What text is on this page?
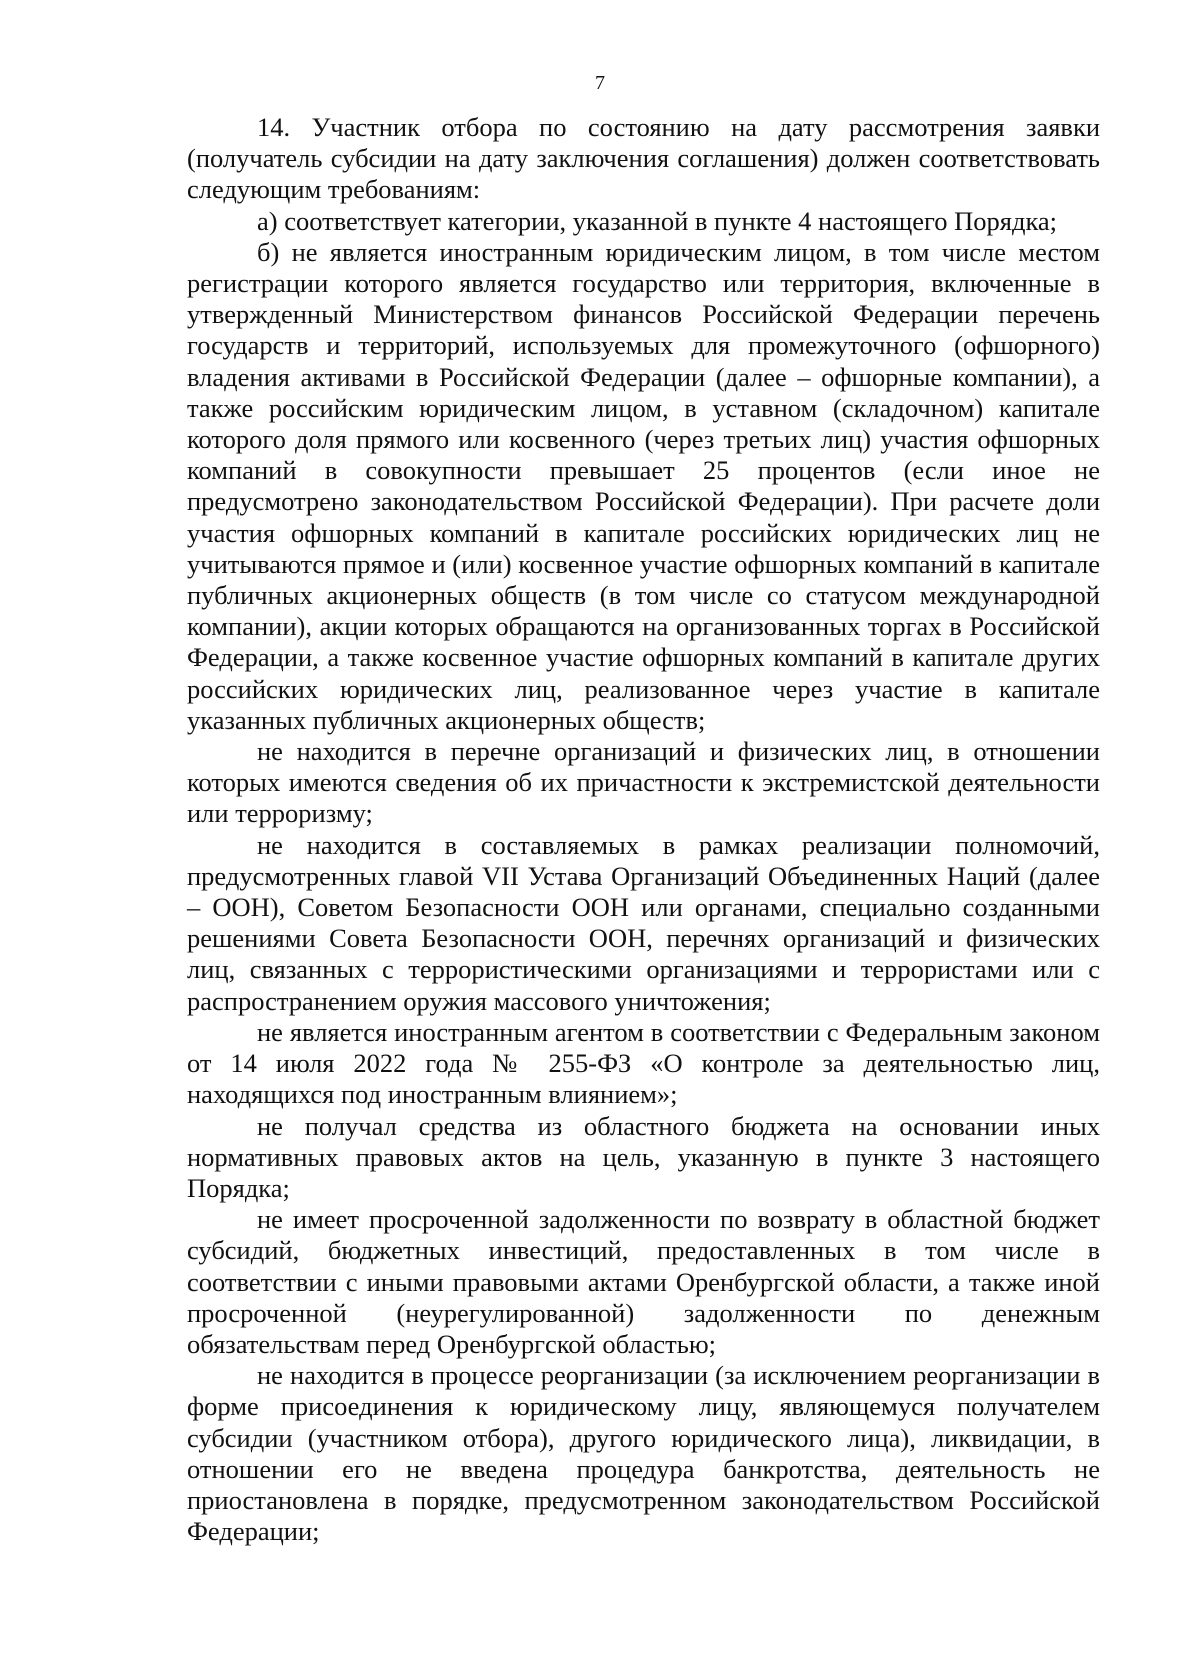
7

14. Участник отбора по состоянию на дату рассмотрения заявки (получатель субсидии на дату заключения соглашения) должен соответствовать следующим требованиям:

а) соответствует категории, указанной в пункте 4 настоящего Порядка;

б) не является иностранным юридическим лицом, в том числе местом регистрации которого является государство или территория, включенные в утвержденный Министерством финансов Российской Федерации перечень государств и территорий, используемых для промежуточного (офшорного) владения активами в Российской Федерации (далее – офшорные компании), а также российским юридическим лицом, в уставном (складочном) капитале которого доля прямого или косвенного (через третьих лиц) участия офшорных компаний в совокупности превышает 25 процентов (если иное не предусмотрено законодательством Российской Федерации). При расчете доли участия офшорных компаний в капитале российских юридических лиц не учитываются прямое и (или) косвенное участие офшорных компаний в капитале публичных акционерных обществ (в том числе со статусом международной компании), акции которых обращаются на организованных торгах в Российской Федерации, а также косвенное участие офшорных компаний в капитале других российских юридических лиц, реализованное через участие в капитале указанных публичных акционерных обществ;

не находится в перечне организаций и физических лиц, в отношении которых имеются сведения об их причастности к экстремистской деятельности или терроризму;

не находится в составляемых в рамках реализации полномочий, предусмотренных главой VII Устава Организаций Объединенных Наций (далее – ООН), Советом Безопасности ООН или органами, специально созданными решениями Совета Безопасности ООН, перечнях организаций и физических лиц, связанных с террористическими организациями и террористами или с распространением оружия массового уничтожения;

не является иностранным агентом в соответствии с Федеральным законом от 14 июля 2022 года № 255-ФЗ «О контроле за деятельностью лиц, находящихся под иностранным влиянием»;

не получал средства из областного бюджета на основании иных нормативных правовых актов на цель, указанную в пункте 3 настоящего Порядка;

не имеет просроченной задолженности по возврату в областной бюджет субсидий, бюджетных инвестиций, предоставленных в том числе в соответствии с иными правовыми актами Оренбургской области, а также иной просроченной (неурегулированной) задолженности по денежным обязательствам перед Оренбургской областью;

не находится в процессе реорганизации (за исключением реорганизации в форме присоединения к юридическому лицу, являющемуся получателем субсидии (участником отбора), другого юридического лица), ликвидации, в отношении его не введена процедура банкротства, деятельность не приостановлена в порядке, предусмотренном законодательством Российской Федерации;
